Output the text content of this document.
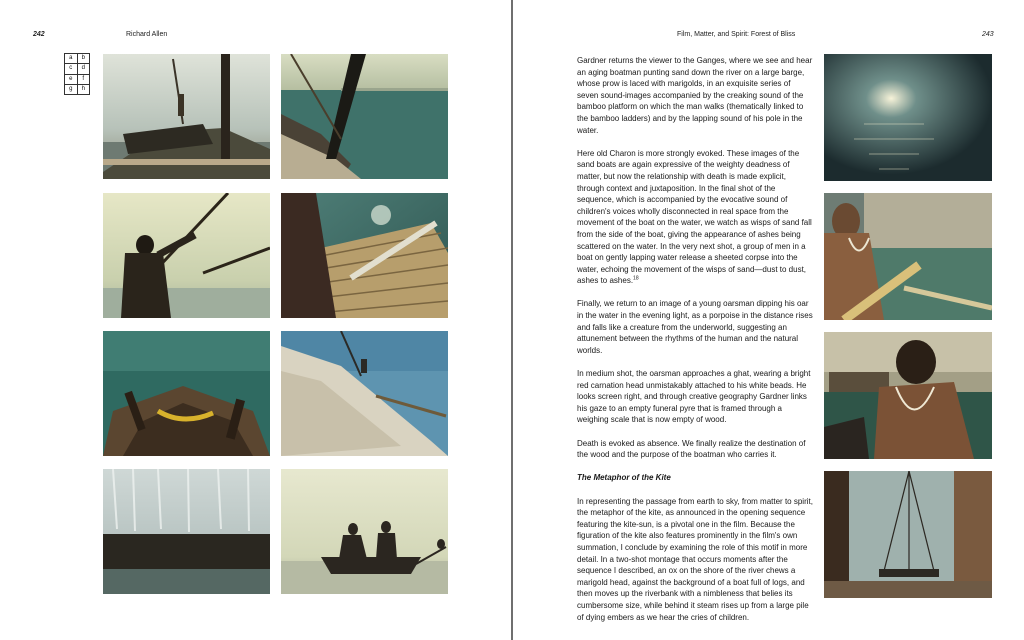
242	Richard Allen
a	b
c	d
e	f
g	h
Film, Matter, and Spirit: Forest of Bliss	243

Gardner returns the viewer to the Ganges, where we see and hear an aging boatman punting sand down the river on a large barge, whose prow is laced with marigolds, in an exquisite series of seven sound-images accompanied by the creaking sound of the bamboo platform on which the man walks (thematically linked to the bamboo ladders) and by the lapping sound of his pole in the water.

Here old Charon is more strongly evoked. These images of the sand boats are again expressive of the weighty deadness of matter, but now the relationship with death is made explicit, through context and juxtaposition. In the final shot of the sequence, which is accompanied by the evocative sound of children's voices wholly disconnected in real space from the movement of the boat on the water, we watch as wisps of sand fall from the side of the boat, giving the appearance of ashes being scattered on the water. In the very next shot, a group of men in a boat on gently lapping water release a sheeted corpse into the water, echoing the movement of the wisps of sand—dust to dust, ashes to ashes.$^{18}$

Finally, we return to an image of a young oarsman dipping his oar in the water in the evening light, as a porpoise in the distance rises and falls like a creature from the underworld, suggesting an attunement between the rhythms of the human and the natural worlds.

In medium shot, the oarsman approaches a ghat, wearing a bright red carnation head unmistakably attached to his white beads. He looks screen right, and through creative geography Gardner links his gaze to an empty funeral pyre that is framed through a weighing scale that is now empty of wood.

Death is evoked as absence. We finally realize the destination of the wood and the purpose of the boatman who carries it.

The Metaphor of the Kite

In representing the passage from earth to sky, from matter to spirit, the metaphor of the kite, as announced in the opening sequence featuring the kite-sun, is a pivotal one in the film. Because the figuration of the kite also features prominently in the film's own summation, I conclude by examining the role of this motif in more detail. In a two-shot montage that occurs moments after the sequence I described, an ox on the shore of the river chews a marigold head, against the background of a boat full of logs, and then moves up the riverbank with a nimbleness that belies its cumbersome size, while behind it steam rises up from a large pile of dying embers as we hear the cries of children.
